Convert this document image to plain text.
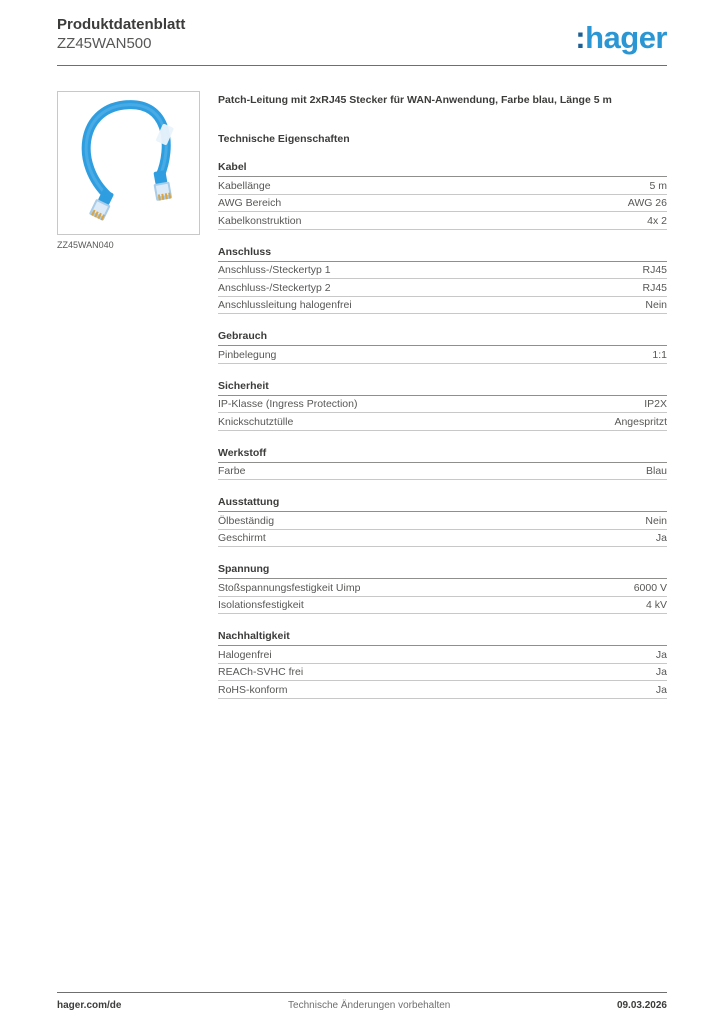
Produktdatenblatt
ZZ45WAN500	:hager
ZZ45WAN040
Patch-Leitung mit 2xRJ45 Stecker für WAN-Anwendung, Farbe blau, Länge 5 m
Technische Eigenschaften
Kabel
Kabellänge	5 m
AWG Bereich	AWG 26
Kabelkonstruktion	4x 2
Anschluss
Anschluss-/Steckertyp 1	RJ45
Anschluss-/Steckertyp 2	RJ45
Anschlussleitung halogenfrei	Nein
Gebrauch
Pinbelegung	1:1
Sicherheit
IP-Klasse (Ingress Protection)	IP2X
Knickschutztülle	Angespritzt
Werkstoff
Farbe	Blau
Ausstattung
Ölbeständig	Nein
Geschirmt	Ja
Spannung
Stoßspannungsfestigkeit Uimp	6000 V
Isolationsfestigkeit	4 kV
Nachhaltigkeit
Halogenfrei	Ja
REACh-SVHC frei	Ja
RoHS-konform	Ja
hager.com/de	Technische Änderungen vorbehalten	09.03.2026
